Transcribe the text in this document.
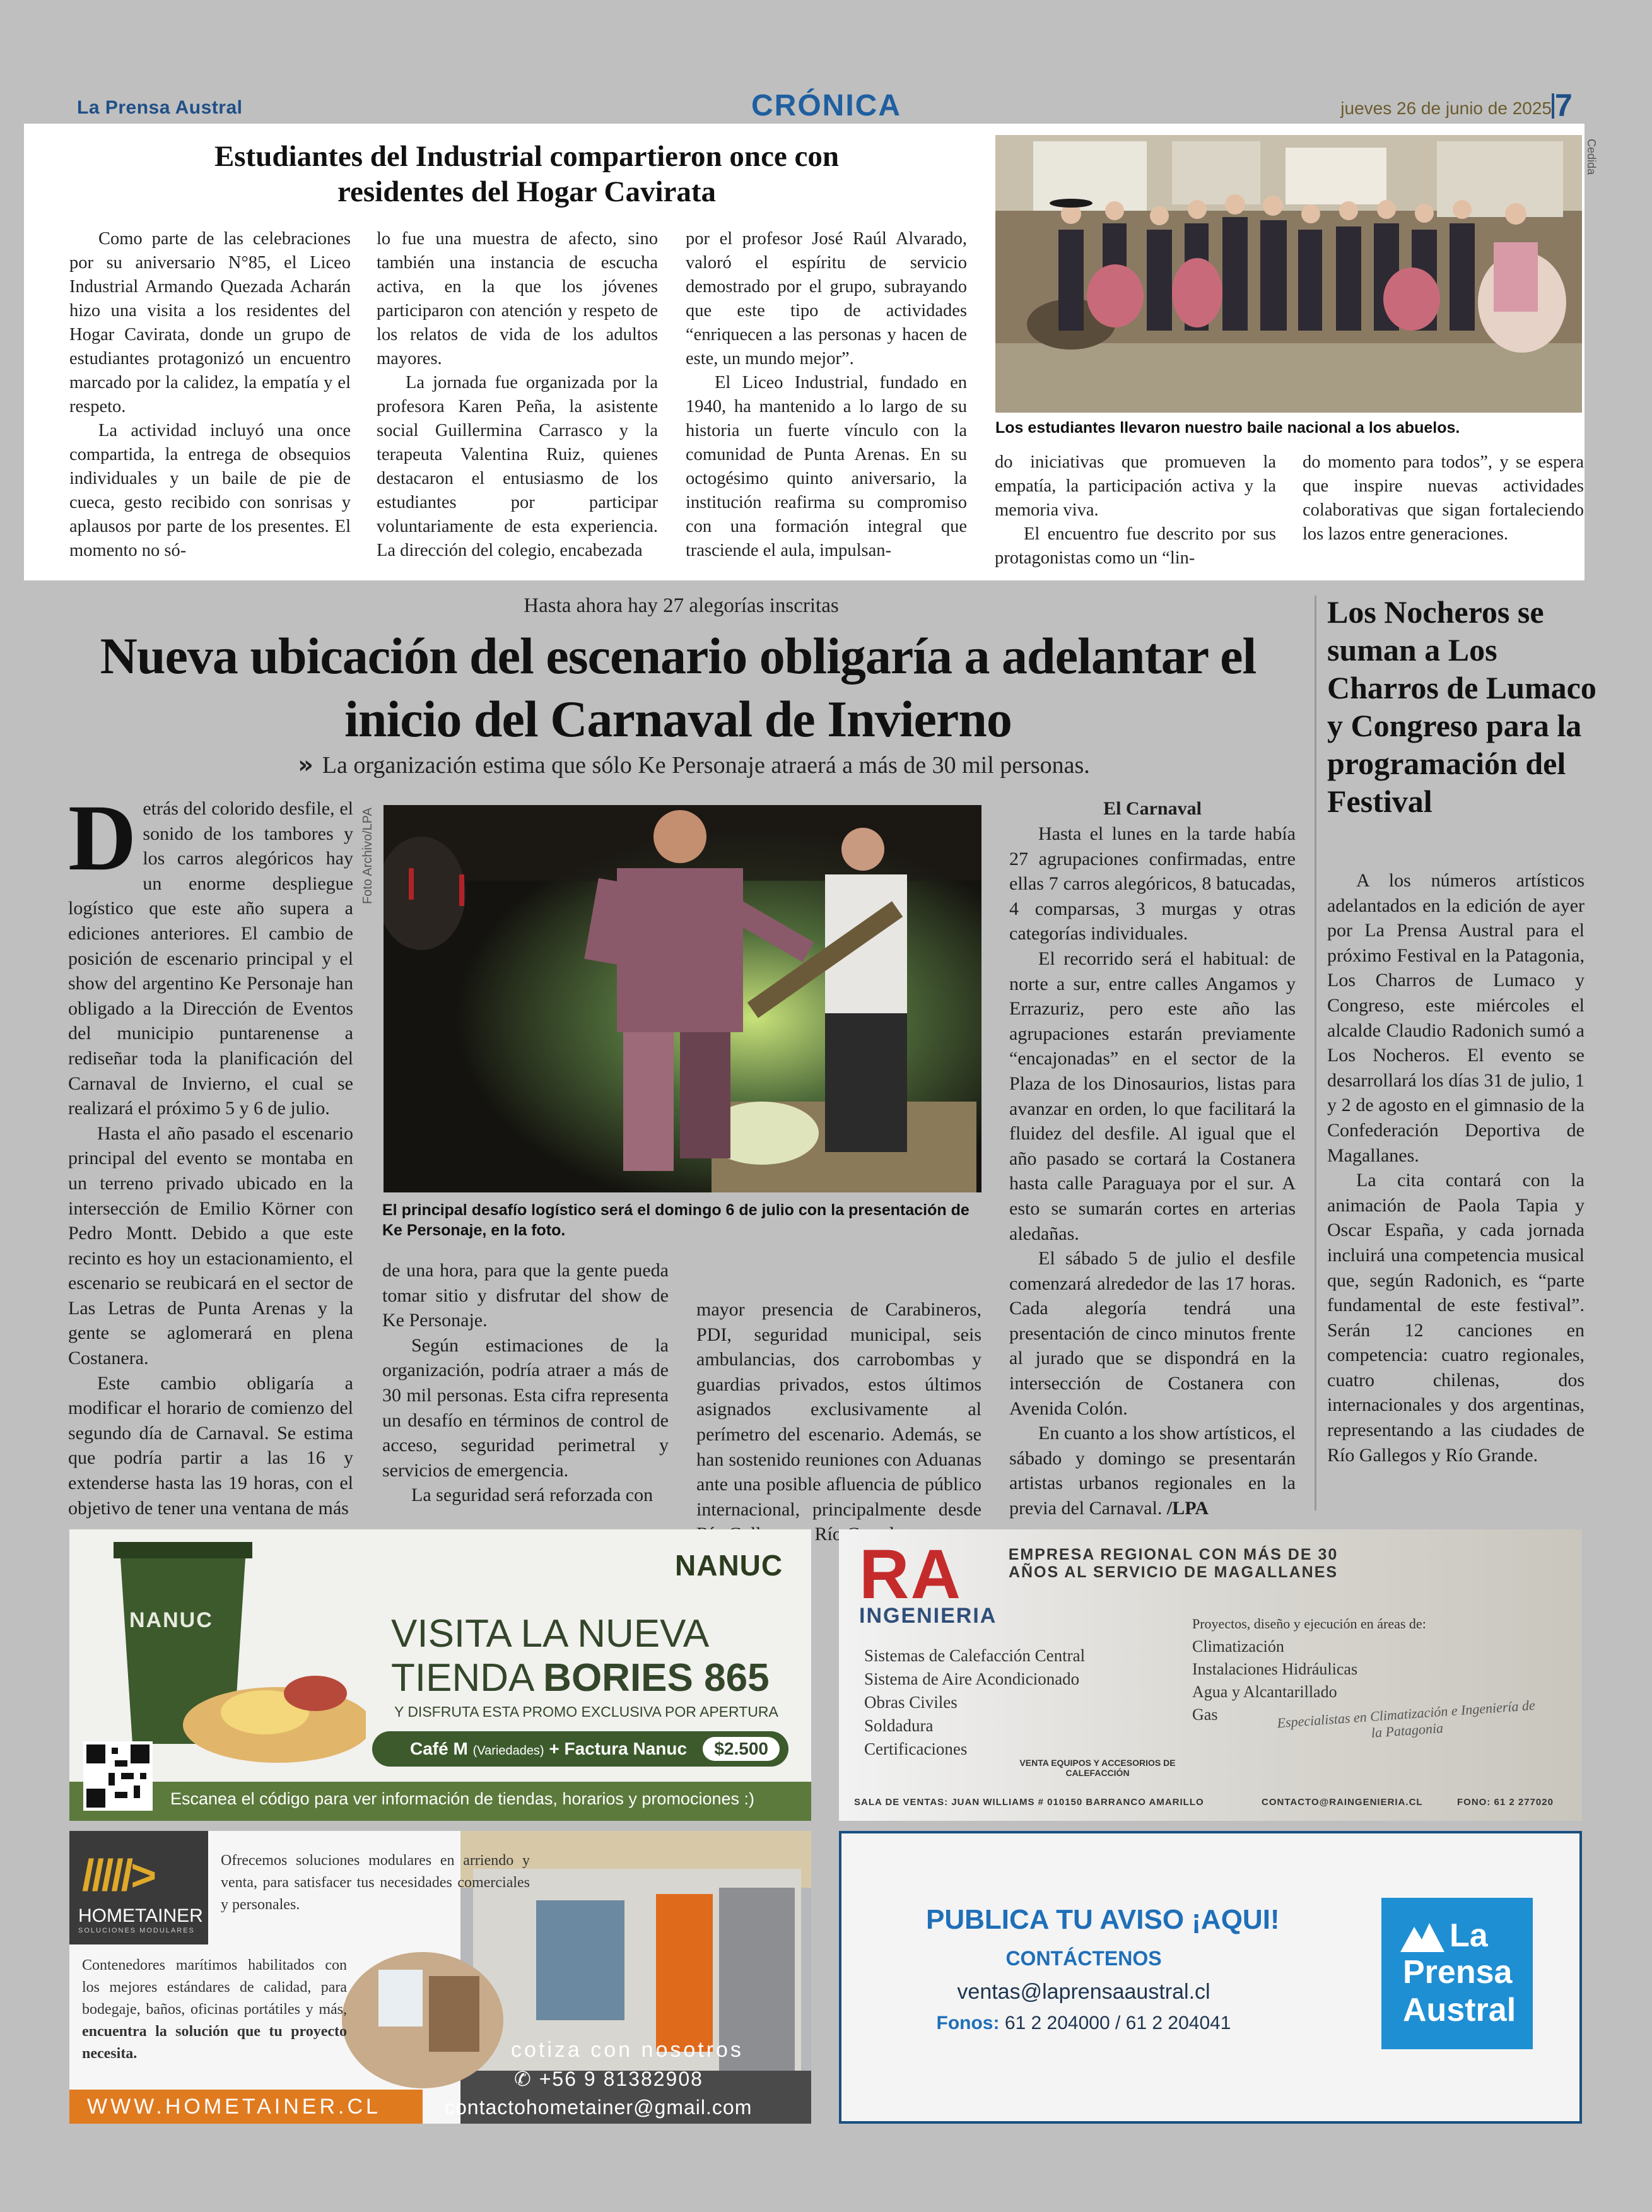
La Prensa Austral	CRÓNICA	jueves 26 de junio de 2025 7
Estudiantes del Industrial compartieron once con residentes del Hogar Cavirata

Como parte de las celebraciones por su aniversario N°85, el Liceo Industrial Armando Quezada Acharán hizo una visita a los residentes del Hogar Cavirata, donde un grupo de estudiantes protagonizó un encuentro marcado por la calidez, la empatía y el respeto.

La actividad incluyó una once compartida, la entrega de obsequios individuales y un baile de pie de cueca, gesto recibido con sonrisas y aplausos por parte de los presentes. El momento no só-

lo fue una muestra de afecto, sino también una instancia de escucha activa, en la que los jóvenes participaron con atención y respeto de los relatos de vida de los adultos mayores.

La jornada fue organizada por la profesora Karen Peña, la asistente social Guillermina Carrasco y la terapeuta Valentina Ruiz, quienes destacaron el entusiasmo de los estudiantes por participar voluntariamente de esta experiencia. La dirección del colegio, encabezada

por el profesor José Raúl Alvarado, valoró el espíritu de servicio demostrado por el grupo, subrayando que este tipo de actividades “enriquecen a las personas y hacen de este, un mundo mejor”.

El Liceo Industrial, fundado en 1940, ha mantenido a lo largo de su historia un fuerte vínculo con la comunidad de Punta Arenas. En su octogésimo quinto aniversario, la institución reafirma su compromiso con una formación integral que trasciende el aula, impulsan-

do iniciativas que promueven la empatía, la participación activa y la memoria viva.

El encuentro fue descrito por sus protagonistas como un “lin-

do momento para todos”, y se espera que inspire nuevas actividades colaborativas que sigan fortaleciendo los lazos entre generaciones.

Cedida
Los estudiantes llevaron nuestro baile nacional a los abuelos.
Hasta ahora hay 27 alegorías inscritas
Nueva ubicación del escenario obligaría a adelantar el inicio del Carnaval de Invierno
» La organización estima que sólo Ke Personaje atraerá a más de 30 mil personas.

Detrás del colorido desfile, el sonido de los tambores y los carros alegóricos hay un enorme despliegue logístico que este año supera a ediciones anteriores. El cambio de posición de escenario principal y el show del argentino Ke Personaje han obligado a la Dirección de Eventos del municipio puntarenense a rediseñar toda la planificación del Carnaval de Invierno, el cual se realizará el próximo 5 y 6 de julio.

Hasta el año pasado el escenario principal del evento se montaba en un terreno privado ubicado en la intersección de Emilio Körner con Pedro Montt. Debido a que este recinto es hoy un estacionamiento, el escenario se reubicará en el sector de Las Letras de Punta Arenas y la gente se aglomerará en plena Costanera.

Este cambio obligaría a modificar el horario de comienzo del segundo día de Carnaval. Se estima que podría partir a las 16 y extenderse hasta las 19 horas, con el objetivo de tener una ventana de más

Foto Archivo/LPA
El principal desafío logístico será el domingo 6 de julio con la presentación de Ke Personaje, en la foto.

de una hora, para que la gente pueda tomar sitio y disfrutar del show de Ke Personaje.

Según estimaciones de la organización, podría atraer a más de 30 mil personas. Esta cifra representa un desafío en términos de control de acceso, seguridad perimetral y servicios de emergencia.

La seguridad será reforzada con

mayor presencia de Carabineros, PDI, seguridad municipal, seis ambulancias, dos carrobombas y guardias privados, estos últimos asignados exclusivamente al perímetro del escenario. Además, se han sostenido reuniones con Aduanas ante una posible afluencia de público internacional, principalmente desde Río

El Carnaval

Hasta el lunes en la tarde había 27 agrupaciones confirmadas, entre ellas 7 carros alegóricos, 8 batucadas, 4 comparsas, 3 murgas y otras categorías individuales.

El recorrido será el habitual: de norte a sur, entre calles Angamos y Errazuriz, pero este año las agrupaciones estarán previamente “encajonadas” en el sector de la Plaza de los Dinosaurios, listas para avanzar en orden, lo que facilitará la fluidez del desfile. Al igual que el año pasado se cortará la Costanera hasta calle Paraguaya por el sur. A esto se sumarán cortes en arterias aledañas.

El sábado 5 de julio el desfile comenzará alrededor de las 17 horas. Cada alegoría tendrá una presentación de cinco minutos frente al jurado que se dispondrá en la intersección de Costanera con Avenida Colón.

En cuanto a los show artísticos, el sábado y domingo se presentarán artistas urbanos regionales en la previa del Carnaval. /LPA

Los Nocheros se suman a Los Charros de Lumaco y Congreso para la programación del Festival

A los números artísticos adelantados en la edición de ayer por La Prensa Austral para el próximo Festival en la Patagonia, Los Charros de Lumaco y Congreso, este miércoles el alcalde Claudio Radonich sumó a Los Nocheros. El evento se desarrollará los días 31 de julio, 1 y 2 de agosto en el gimnasio de la Confederación Deportiva de Magallanes.

La cita contará con la animación de Paola Tapia y Oscar España, y cada jornada incluirá una competencia musical que, según Radonich, es “parte fundamental de este festival”. Serán 12 canciones en competencia: cuatro regionales, cuatro chilenas, dos internacionales y dos argentinas, representando a las ciudades de Río Gallegos y Río Grande.

NANUC
NANUC
VISITA LA NUEVA
TIENDA BORIES 865
Y DISFRUTA ESTA PROMO EXCLUSIVA POR APERTURA
Café M (Variedades) + Factura Nanuc	$2.500
Escanea el código para ver información de tiendas, horarios y promociones :)
RA
INGENIERIA
EMPRESA REGIONAL CON MÁS DE 30 AÑOS AL SERVICIO DE MAGALLANES
Sistemas de Calefacción Central
Sistema de Aire Acondicionado
Obras Civiles
Soldadura
Certificaciones
Proyectos, diseño y ejecución en áreas de:
Climatización
Instalaciones Hidráulicas
Agua y Alcantarillado
Gas	Especialistas en Climatización e Ingeniería de la Patagonia
VENTA EQUIPOS Y ACCESORIOS DE CALEFACCIÓN
SALA DE VENTAS: JUAN WILLIAMS # 010150 BARRANCO AMARILLO	CONTACTO@RAINGENIERIA.CL	FONO: 61 2 277020
/////>
HOMETAINER
SOLUCIONES MODULARES
Ofrecemos soluciones modulares en arriendo y venta, para satisfacer tus necesidades comerciales y personales.
Contenedores marítimos habilitados con los mejores estándares de calidad, para bodegaje, baños, oficinas portátiles y más, encuentra la solución que tu proyecto necesita.	cotiza con nosotros
✆ +56 9 81382908
WWW.HOMETAINER.CL	contactohometainer@gmail.com
PUBLICA TU AVISO ¡AQUI!
CONTÁCTENOS
ventas@laprensaaustral.cl
Fonos: 61 2 204000 / 61 2 204041
La
Prensa
Austral
